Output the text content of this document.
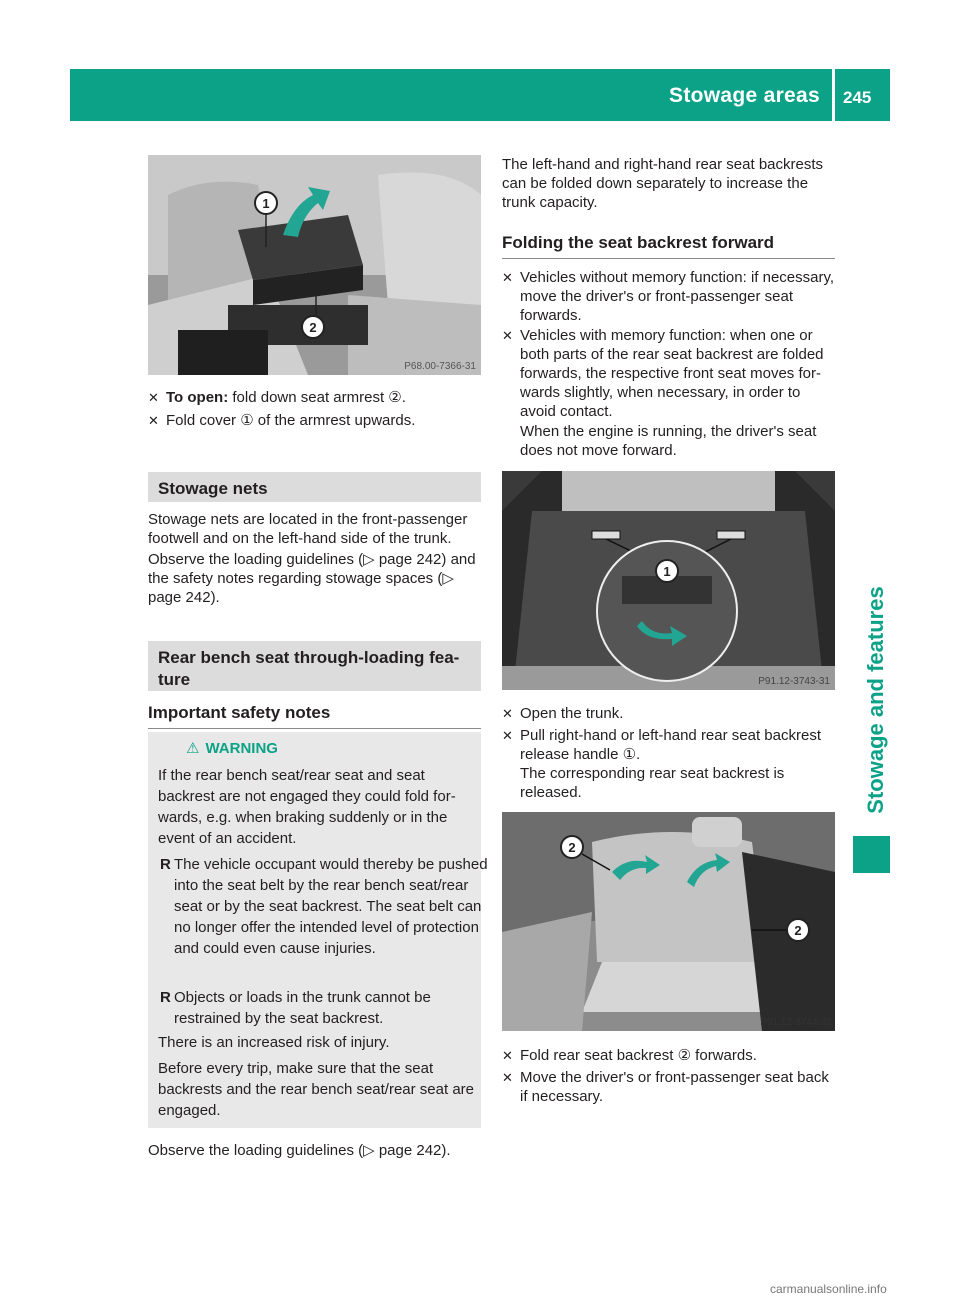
Stowage areas 245
Stowage and features
1
2
P68.00-7366-31
✕ To open: fold down seat armrest ②.
✕ Fold cover ① of the armrest upwards.
Stowage nets
Stowage nets are located in the front-passenger footwell and on the left-hand side of the trunk.
Observe the loading guidelines (▷ page 242) and the safety notes regarding stowage spaces (▷ page 242).
Rear bench seat through-loading feature
Important safety notes
⚠ WARNING
If the rear bench seat/rear seat and seat backrest are not engaged they could fold forwards, e.g. when braking suddenly or in the event of an accident.
R The vehicle occupant would thereby be pushed into the seat belt by the rear bench seat/rear seat or by the seat backrest. The seat belt can no longer offer the intended level of protection and could even cause injuries.
R Objects or loads in the trunk cannot be restrained by the seat backrest.
There is an increased risk of injury.
Before every trip, make sure that the seat backrests and the rear bench seat/rear seat are engaged.
Observe the loading guidelines (▷ page 242).
The left-hand and right-hand rear seat backrests can be folded down separately to increase the trunk capacity.
Folding the seat backrest forward
✕ Vehicles without memory function: if necessary, move the driver's or front-passenger seat forwards.
✕ Vehicles with memory function: when one or both parts of the rear seat backrest are folded forwards, the respective front seat moves forwards slightly, when necessary, in order to avoid contact.
When the engine is running, the driver's seat does not move forward.
1
P91.12-3743-31
✕ Open the trunk.
✕ Pull right-hand or left-hand rear seat backrest release handle ①.
The corresponding rear seat backrest is released.
2
2
P91.12-3744-31
✕ Fold rear seat backrest ② forwards.
✕ Move the driver's or front-passenger seat back if necessary.
carmanualsonline.info
